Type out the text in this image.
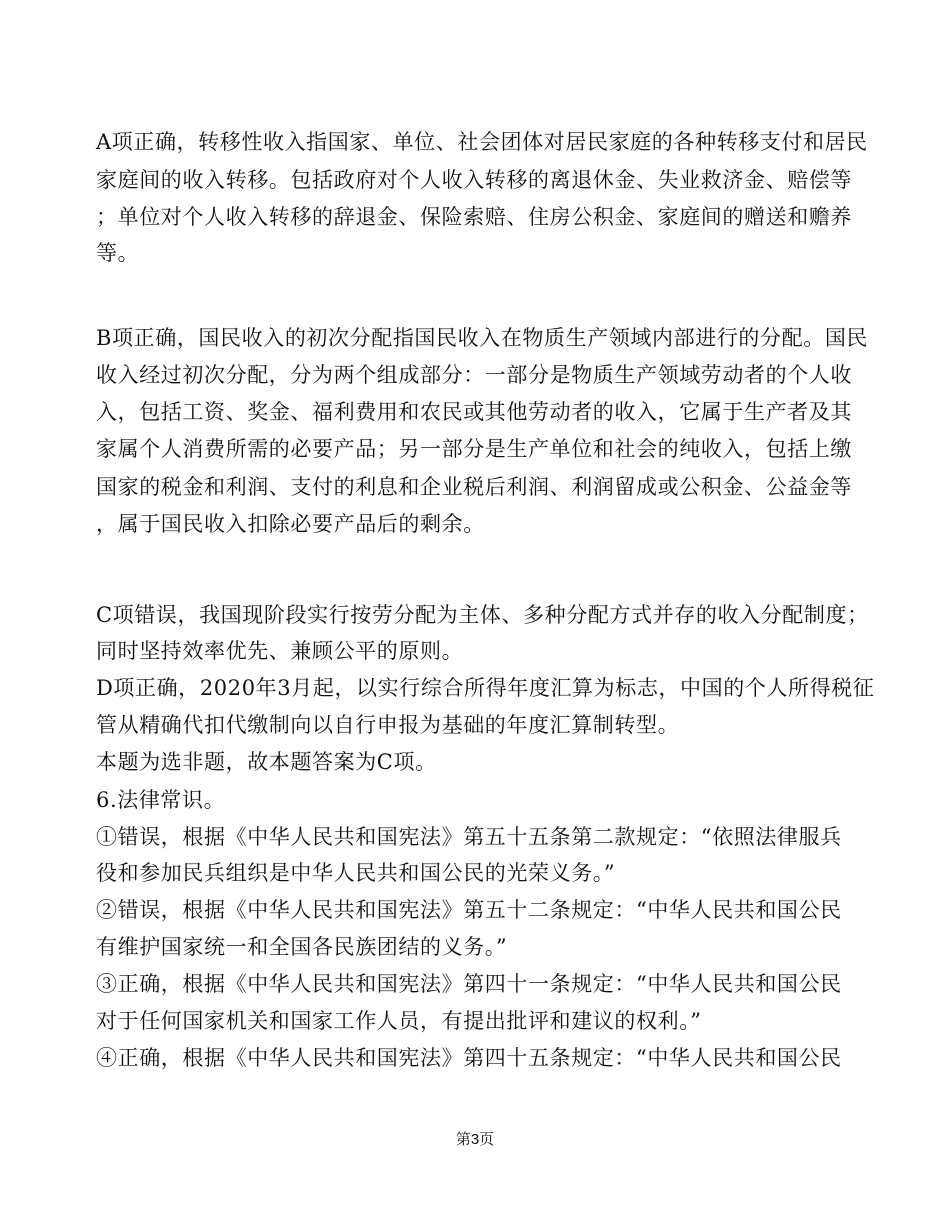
A项正确，转移性收入指国家、单位、社会团体对居民家庭的各种转移支付和居民
家庭间的收入转移。包括政府对个人收入转移的离退休金、失业救济金、赔偿等
；单位对个人收入转移的辞退金、保险索赔、住房公积金、家庭间的赠送和赡养
等。
B项正确，国民收入的初次分配指国民收入在物质生产领域内部进行的分配。国民
收入经过初次分配，分为两个组成部分：一部分是物质生产领域劳动者的个人收
入，包括工资、奖金、福利费用和农民或其他劳动者的收入，它属于生产者及其
家属个人消费所需的必要产品；另一部分是生产单位和社会的纯收入，包括上缴
国家的税金和利润、支付的利息和企业税后利润、利润留成或公积金、公益金等
，属于国民收入扣除必要产品后的剩余。
C项错误，我国现阶段实行按劳分配为主体、多种分配方式并存的收入分配制度；
同时坚持效率优先、兼顾公平的原则。
D项正确，2020年3月起，以实行综合所得年度汇算为标志，中国的个人所得税征
管从精确代扣代缴制向以自行申报为基础的年度汇算制转型。
本题为选非题，故本题答案为C项。
6.法律常识。
①错误，根据《中华人民共和国宪法》第五十五条第二款规定：“依照法律服兵
役和参加民兵组织是中华人民共和国公民的光荣义务。”
②错误，根据《中华人民共和国宪法》第五十二条规定：“中华人民共和国公民
有维护国家统一和全国各民族团结的义务。”
③正确，根据《中华人民共和国宪法》第四十一条规定：“中华人民共和国公民
对于任何国家机关和国家工作人员，有提出批评和建议的权利。”
④正确，根据《中华人民共和国宪法》第四十五条规定：“中华人民共和国公民
第3页
